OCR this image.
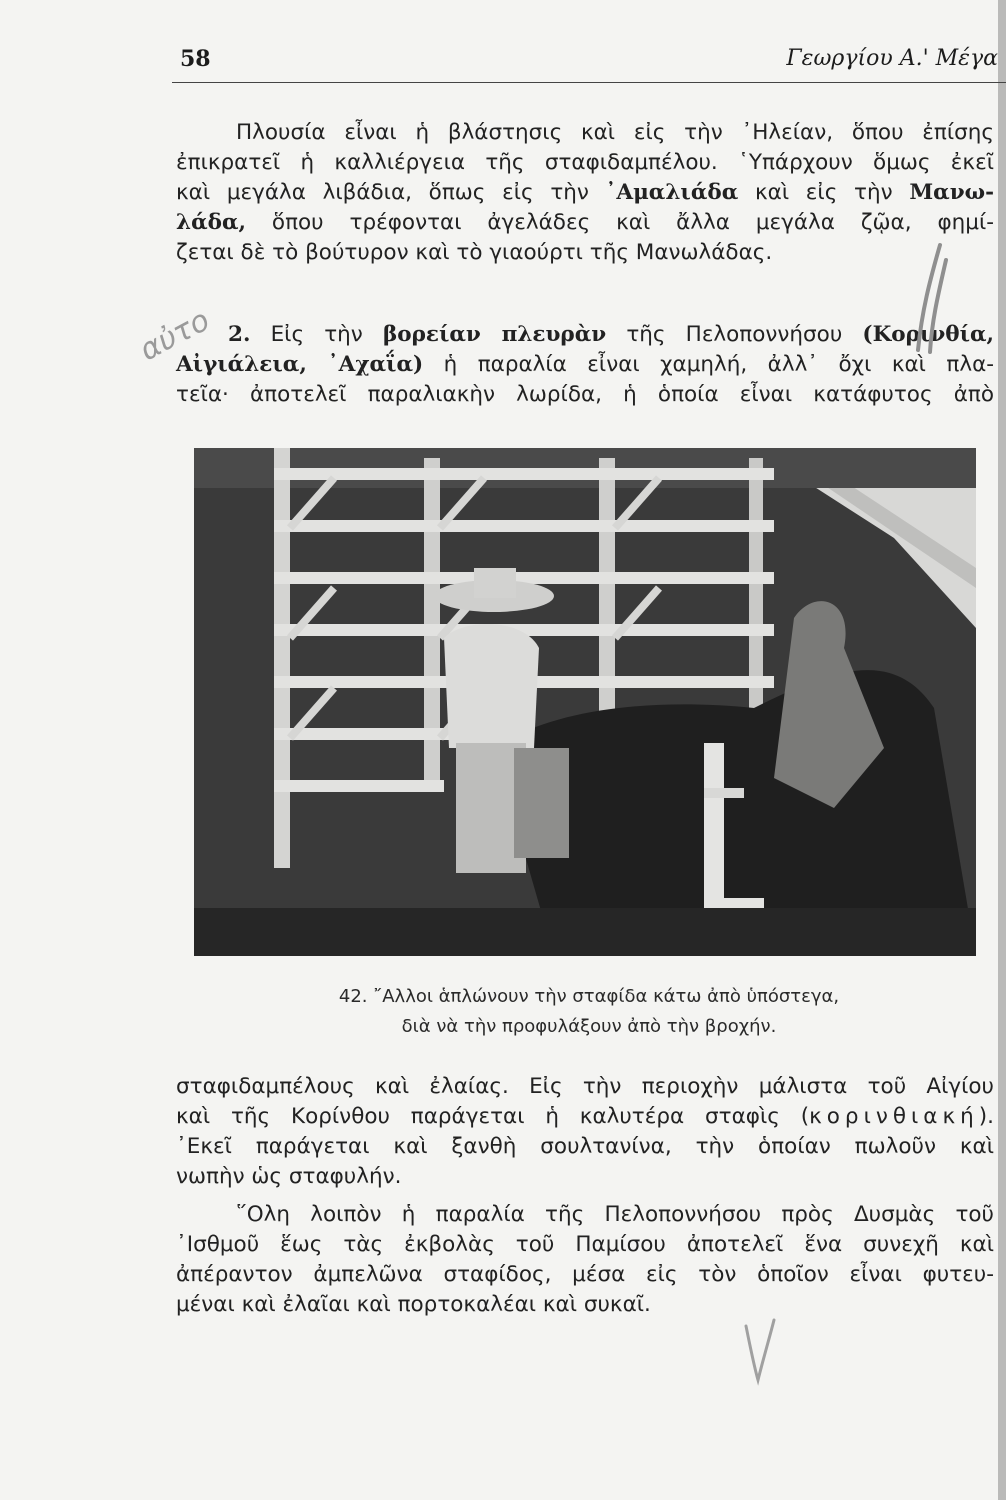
58	Γεωργίου Α.' Μέγα

Πλουσία εἶναι ἡ βλάστησις καὶ εἰς τὴν ᾿Ηλείαν, ὅπου ἐπίσης
ἐπικρατεῖ ἡ καλλιέργεια τῆς σταφιδαμπέλου. ῾Υπάρχουν ὅμως ἐκεῖ
καὶ μεγάλα λιβάδια, ὅπως εἰς τὴν ᾿Αμαλιάδα καὶ εἰς τὴν Μανω-
λάδα, ὅπου τρέφονται ἀγελάδες καὶ ἄλλα μεγάλα ζῷα, φημί-
ζεται δὲ τὸ βούτυρον καὶ τὸ γιαούρτι τῆς Μανωλάδας.

2. Εἰς τὴν βορείαν πλευρὰν τῆς Πελοποννήσου (Κορινθία,
Αἰγιάλεια, ᾿Αχαΐα) ἡ παραλία εἶναι χαμηλή, ἀλλ᾿ ὄχι καὶ πλα-
τεῖα· ἀποτελεῖ παραλιακὴν λωρίδα, ἡ ὁποία εἶναι κατάφυτος ἀπὸ

αὐτο
42. ῎Αλλοι ἁπλώνουν τὴν σταφίδα κάτω ἀπὸ ὑπόστεγα,
διὰ νὰ τὴν προφυλάξουν ἀπὸ τὴν βροχήν.

σταφιδαμπέλους καὶ ἐλαίας. Εἰς τὴν περιοχὴν μάλιστα τοῦ Αἰγίου
καὶ τῆς Κορίνθου παράγεται ἡ καλυτέρα σταφὶς (κορινθιακή).
᾿Εκεῖ παράγεται καὶ ξανθὴ σουλτανίνα, τὴν ὁποίαν πωλοῦν καὶ
νωπὴν ὡς σταφυλήν.

῞Ολη λοιπὸν ἡ παραλία τῆς Πελοποννήσου πρὸς Δυσμὰς τοῦ
᾿Ισθμοῦ ἕως τὰς ἐκβολὰς τοῦ Παμίσου ἀποτελεῖ ἕνα συνεχῆ καὶ
ἀπέραντον ἀμπελῶνα σταφίδος, μέσα εἰς τὸν ὁποῖον εἶναι φυτευ-
μέναι καὶ ἐλαῖαι καὶ πορτοκαλέαι καὶ συκαῖ.
